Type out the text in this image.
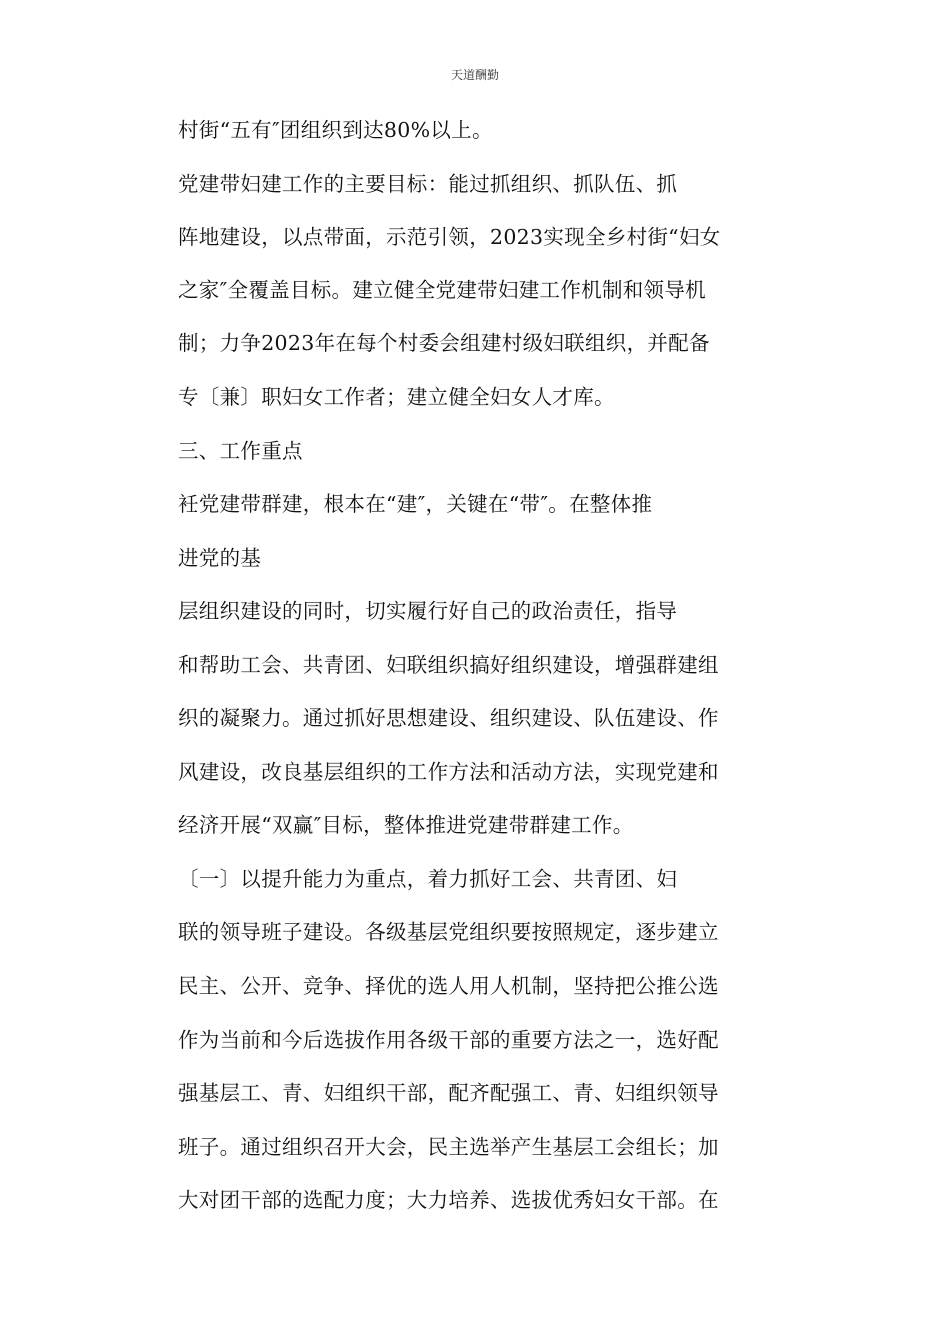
天道酬勤
村街“五有″团组织到达80%以上。
党建带妇建工作的主要目标：能过抓组织、抓队伍、抓
阵地建设，以点带面，示范引领，2023实现全乡村街“妇女
之家″全覆盖目标。建立健全党建带妇建工作机制和领导机
制；力争2023年在每个村委会组建村级妇联组织，并配备
专〔兼〕职妇女工作者；建立健全妇女人才库。
三、工作重点
衽党建带群建，根本在“建″，关键在“带″。在整体推
进党的基
层组织建设的同时，切实履行好自己的政治责任，指导
和帮助工会、共青团、妇联组织搞好组织建设，增强群建组
织的凝聚力。通过抓好思想建设、组织建设、队伍建设、作
风建设，改良基层组织的工作方法和活动方法，实现党建和
经济开展“双赢″目标，整体推进党建带群建工作。
〔一〕以提升能力为重点，着力抓好工会、共青团、妇
联的领导班子建设。各级基层党组织要按照规定，逐步建立
民主、公开、竞争、择优的选人用人机制，坚持把公推公选
作为当前和今后选拔作用各级干部的重要方法之一，选好配
强基层工、青、妇组织干部，配齐配强工、青、妇组织领导
班子。通过组织召开大会，民主选举产生基层工会组长；加
大对团干部的选配力度；大力培养、选拔优秀妇女干部。在
